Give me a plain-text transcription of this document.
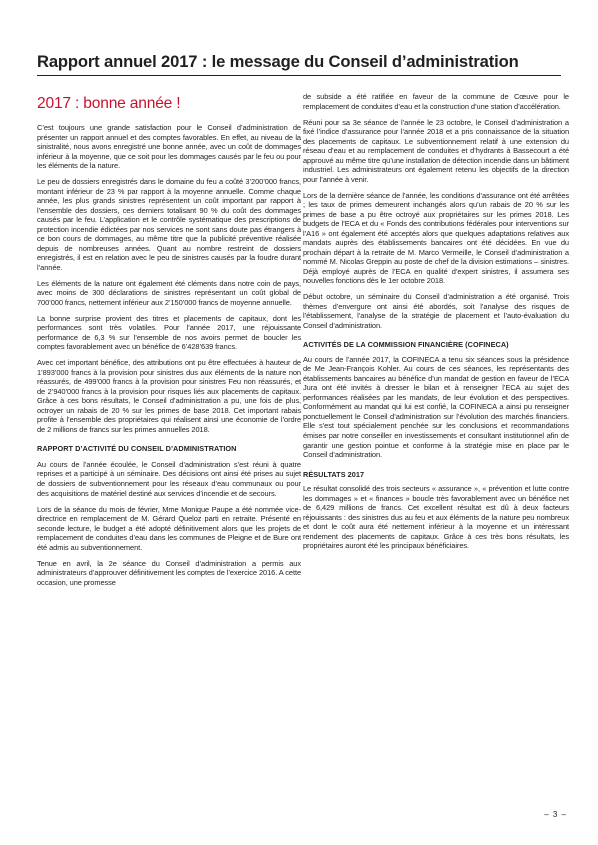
Rapport annuel 2017 : le message du Conseil d’administration
2017 : bonne année !

C’est toujours une grande satisfaction pour le Conseil d’administration de présenter un rapport annuel et des comptes favorables. En effet, au niveau de la sinistralité, nous avons enregistré une bonne année, avec un coût de dommages inférieur à la moyenne, que ce soit pour les dommages causés par le feu ou pour les éléments de la nature.

Le peu de dossiers enregistrés dans le domaine du feu a coûté 3’200’000 francs, montant inférieur de 23 % par rapport à la moyenne annuelle. Comme chaque année, les plus grands sinistres représentent un coût important par rapport à l’ensemble des dossiers, ces derniers totalisant 90 % du coût des dommages causés par le feu. L’application et le contrôle systématique des prescriptions de protection incendie édictées par nos services ne sont sans doute pas étrangers à ce bon cours de dommages, au même titre que la publicité préventive réalisée depuis de nombreuses années. Quant au nombre restreint de dossiers enregistrés, il est en relation avec le peu de sinistres causés par la foudre durant l’année.

Les éléments de la nature ont également été cléments dans notre coin de pays, avec moins de 300 déclarations de sinistres représentant un coût global de 700’000 francs, nettement inférieur aux 2’150’000 francs de moyenne annuelle.

La bonne surprise provient des titres et placements de capitaux, dont les performances sont très volatiles. Pour l’année 2017, une réjouissante performance de 6,3 % sur l’ensemble de nos avoirs permet de boucler les comptes favorablement avec un bénéfice de 6’428’639 francs.

Avec cet important bénéfice, des attributions ont pu être effectuées à hauteur de 1’893’000 francs à la provision pour sinistres dus aux éléments de la nature non réassurés, de 499’000 francs à la provision pour sinistres Feu non réassurés, et de 2’940’000 francs à la provision pour risques liés aux placements de capitaux. Grâce à ces bons résultats, le Conseil d’administration a pu, une fois de plus, octroyer un rabais de 20 % sur les primes de base 2018. Cet important rabais profite à l’ensemble des propriétaires qui réalisent ainsi une économie de l’ordre de 2 millions de francs sur les primes annuelles 2018.

RAPPORT D’ACTIVITÉ DU CONSEIL D’ADMINISTRATION

Au cours de l’année écoulée, le Conseil d’administration s’est réuni à quatre reprises et a participé à un séminaire. Des décisions ont ainsi été prises au sujet de dossiers de subventionnement pour les réseaux d’eau communaux ou pour des acquisitions de matériel destiné aux services d’incendie et de secours.

Lors de la séance du mois de février, Mme Monique Paupe a été nommée vice-directrice en remplacement de M. Gérard Queloz parti en retraite. Présenté en seconde lecture, le budget a été adopté définitivement alors que les projets de remplacement de conduites d’eau dans les communes de Pleigne et de Bure ont été admis au subventionnement.

Tenue en avril, la 2e séance du Conseil d’administration a permis aux administrateurs d’approuver définitivement les comptes de l’exercice 2016. A cette occasion, une promesse

de subside a été ratifiée en faveur de la commune de Cœuve pour le remplacement de conduites d’eau et la construction d’une station d’accélération.

Réuni pour sa 3e séance de l’année le 23 octobre, le Conseil d’administration a fixé l’indice d’assurance pour l’année 2018 et a pris connaissance de la situation des placements de capitaux. Le subventionnement relatif à une extension du réseau d’eau et au remplacement de conduites et d’hydrants à Bassecourt a été approuvé au même titre qu’une installation de détection incendie dans un bâtiment industriel. Les administrateurs ont également retenu les objectifs de la direction pour l’année à venir.

Lors de la dernière séance de l’année, les conditions d’assurance ont été arrêtées ; les taux de primes demeurent inchangés alors qu’un rabais de 20 % sur les primes de base a pu être octroyé aux propriétaires sur les primes 2018. Les budgets de l’ECA et du « Fonds des contributions fédérales pour interventions sur l’A16 » ont également été acceptés alors que quelques adaptations relatives aux mandats auprès des établissements bancaires ont été décidées. En vue du prochain départ à la retraite de M. Marco Vermeille, le Conseil d’administration a nommé M. Nicolas Greppin au poste de chef de la division estimations – sinistres. Déjà employé auprès de l’ECA en qualité d’expert sinistres, il assumera ses nouvelles fonctions dès le 1er octobre 2018.

Début octobre, un séminaire du Conseil d’administration a été organisé. Trois thèmes d’envergure ont ainsi été abordés, soit l’analyse des risques de l’établissement, l’analyse de la stratégie de placement et l’auto-évaluation du Conseil d’administration.

ACTIVITÉS DE LA COMMISSION FINANCIÈRE (COFINECA)

Au cours de l’année 2017, la COFINECA a tenu six séances sous la présidence de Me Jean-François Kohler. Au cours de ces séances, les représentants des établissements bancaires au bénéfice d’un mandat de gestion en faveur de l’ECA Jura ont été invités à dresser le bilan et à renseigner l’ECA au sujet des performances réalisées par les mandats, de leur évolution et des perspectives. Conformément au mandat qui lui est confié, la COFINECA a ainsi pu renseigner ponctuellement le Conseil d’administration sur l’évolution des marchés financiers. Elle s’est tout spécialement penchée sur les conclusions et recommandations émises par notre conseiller en investissements et consultant institutionnel afin de garantir une gestion pointue et conforme à la stratégie mise en place par le Conseil d’administration.

RÉSULTATS 2017

Le résultat consolidé des trois secteurs « assurance », « prévention et lutte contre les dommages » et « finances » boucle très favorablement avec un bénéfice net de 6,429 millions de francs. Cet excellent résultat est dû à deux facteurs réjouissants : des sinistres dus au feu et aux éléments de la nature peu nombreux et dont le coût aura été nettement inférieur à la moyenne et un intéressant rendement des placements de capitaux. Grâce à ces très bons résultats, les propriétaires auront été les principaux bénéficiaires.

– 3 –
